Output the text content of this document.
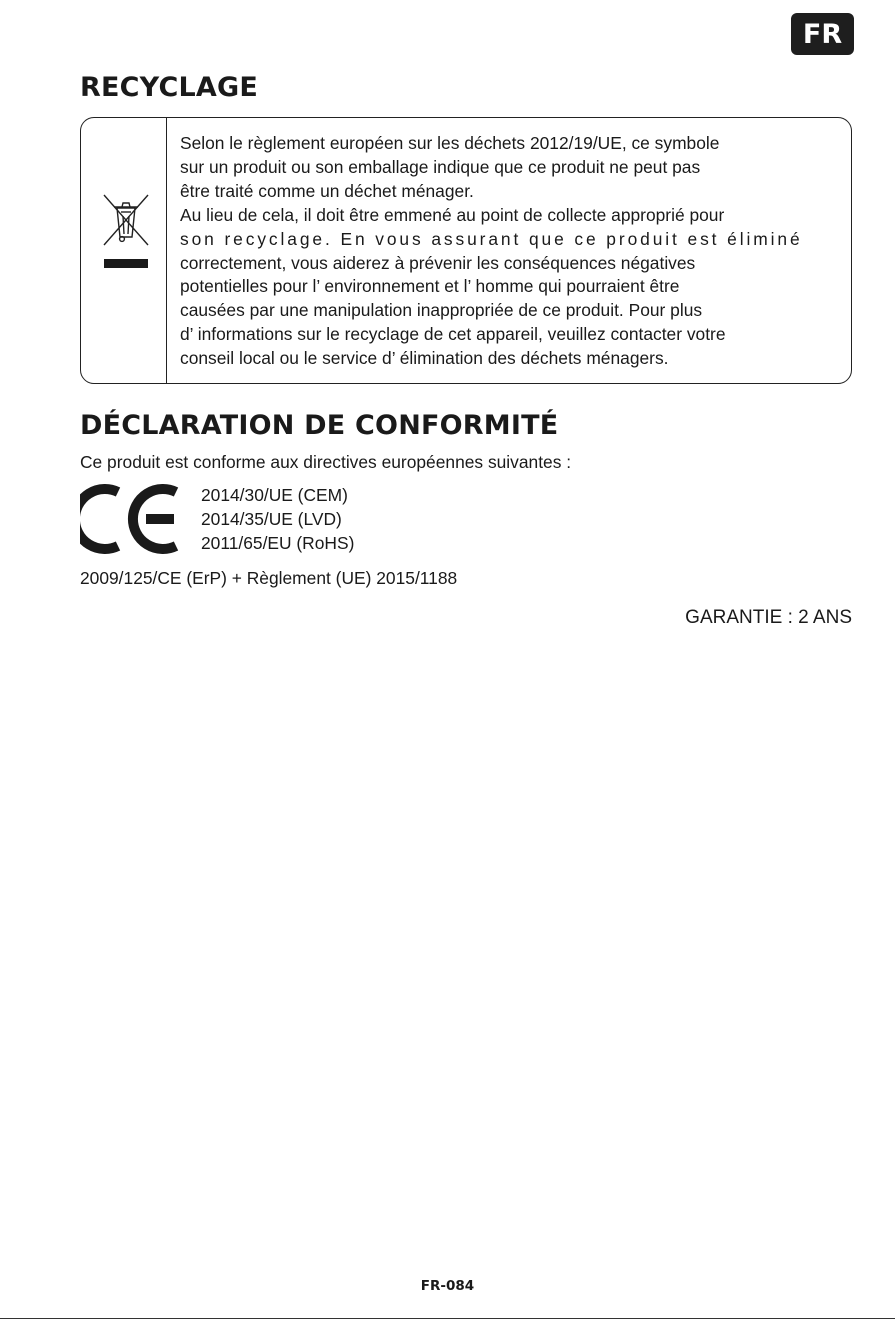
FR
RECYCLAGE

Selon le règlement européen sur les déchets 2012/19/UE, ce symbole
sur un produit ou son emballage indique que ce produit ne peut pas
être traité comme un déchet ménager.
Au lieu de cela, il doit être emmené au point de collecte approprié pour
son recyclage. En vous assurant que ce produit est éliminé
correctement, vous aiderez à prévenir les conséquences négatives
potentielles pour l’ environnement et l’ homme qui pourraient être
causées par une manipulation inappropriée de ce produit. Pour plus
d’ informations sur le recyclage de cet appareil, veuillez contacter votre
conseil local ou le service d’ élimination des déchets ménagers.

DÉCLARATION DE CONFORMITÉ

Ce produit est conforme aux directives européennes suivantes :

2014/30/UE (CEM)
2014/35/UE (LVD)
2011/65/EU (RoHS)

2009/125/CE (ErP) + Règlement (UE) 2015/1188

GARANTIE : 2 ANS

FR-084
